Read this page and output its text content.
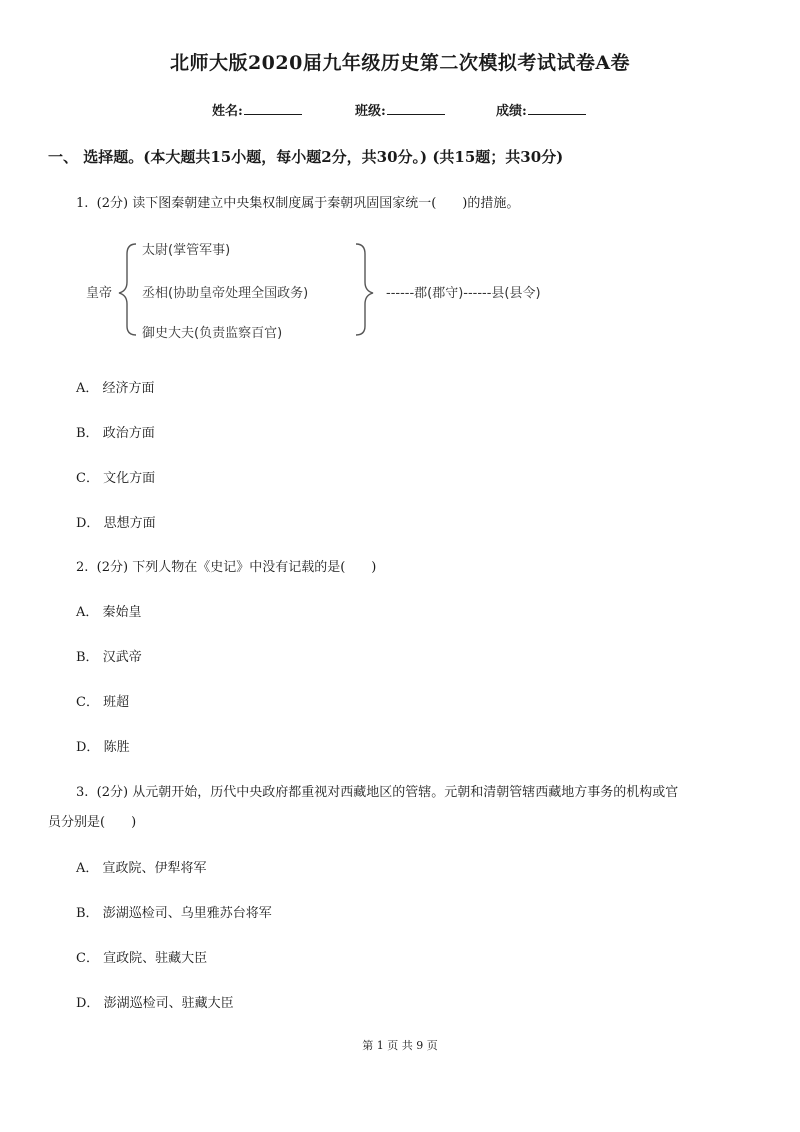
北师大版2020届九年级历史第二次模拟考试试卷A卷
姓名:	班级:	成绩:
一、 选择题。(本大题共15小题，每小题2分，共30分。) (共15题；共30分)
1. (2分) 读下图秦朝建立中央集权制度属于秦朝巩固国家统一(　　)的措施。
皇帝
太尉(掌管军事)
丞相(协助皇帝处理全国政务)
御史大夫(负责监察百官)
------郡(郡守)------县(县令)
A． 经济方面
B． 政治方面
C． 文化方面
D． 思想方面
2. (2分) 下列人物在《史记》中没有记载的是(　　)
A． 秦始皇
B． 汉武帝
C． 班超
D． 陈胜
3. (2分) 从元朝开始，历代中央政府都重视对西藏地区的管辖。元朝和清朝管辖西藏地方事务的机构或官
员分别是(　　)
A． 宣政院、伊犁将军
B． 澎湖巡检司、乌里雅苏台将军
C． 宣政院、驻藏大臣
D． 澎湖巡检司、驻藏大臣
第 1 页 共 9 页
